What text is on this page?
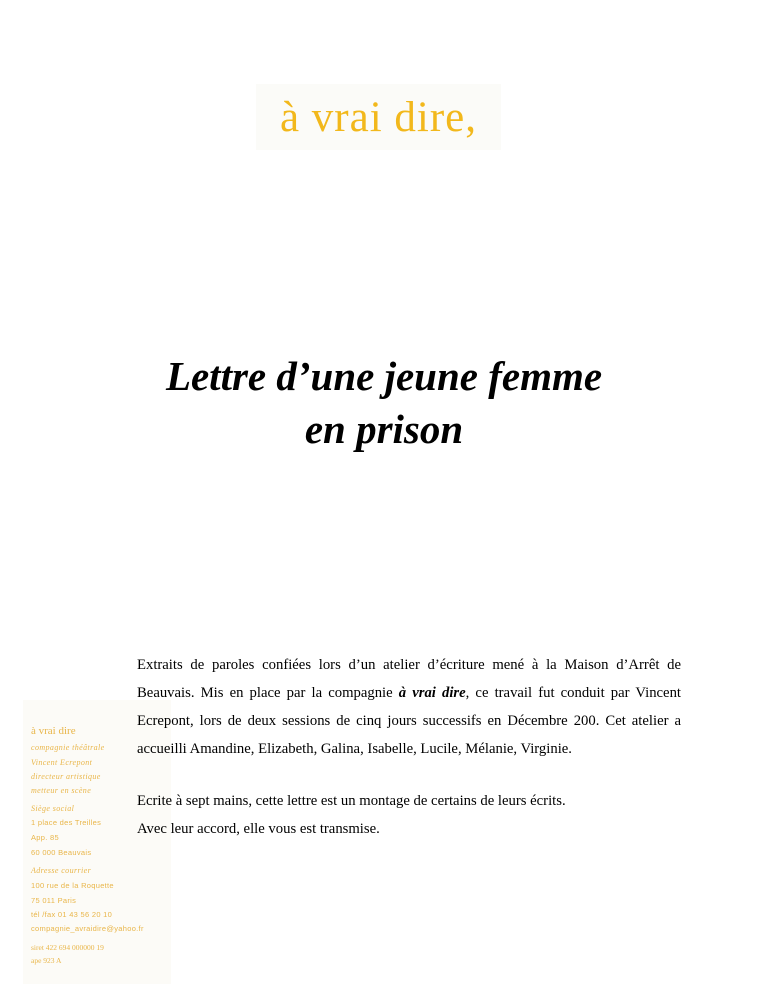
à vrai dire,
Lettre d’une jeune femme
en prison
à vrai dire
compagnie théâtrale
Vincent Ecrepont
directeur artistique
metteur en scène
Siège social
1 place des Treilles
App. 85
60 000 Beauvais
Adresse courrier
100 rue de la Roquette
75 011 Paris
tél /fax 01 43 56 20 10
compagnie_avraidire@yahoo.fr
siret 422 694 000000 19
ape 923 A
Extraits de paroles confiées lors d’un atelier d’écriture mené à la Maison d’Arrêt de Beauvais. Mis en place par la compagnie à vrai dire, ce travail fut conduit par Vincent Ecrepont, lors de deux sessions de cinq jours successifs en Décembre 200. Cet atelier a accueilli Amandine, Elizabeth, Galina, Isabelle, Lucile, Mélanie, Virginie.
Ecrite à sept mains, cette lettre est un montage de certains de leurs écrits.
Avec leur accord, elle vous est transmise.
